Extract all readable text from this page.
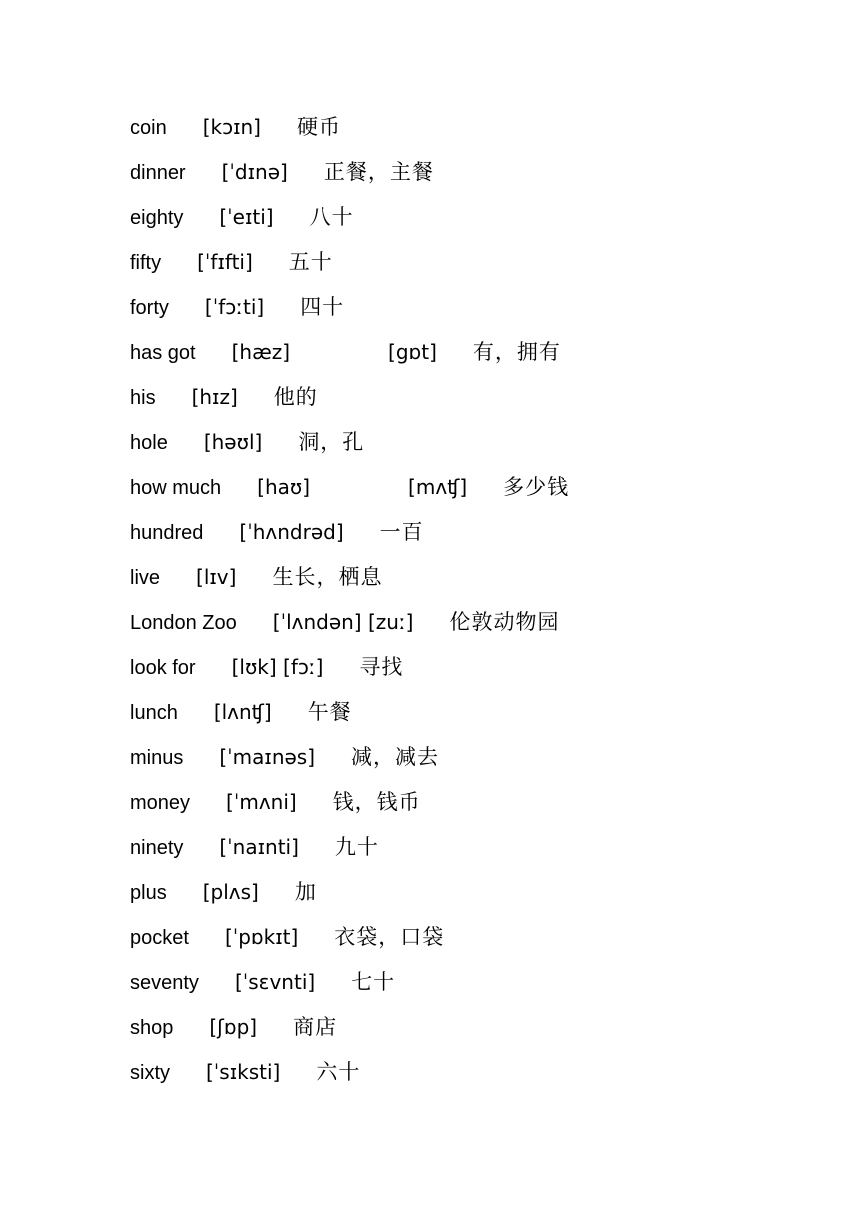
coin [kɔɪn] 硬币
dinner [ˈdɪnə] 正餐，主餐
eighty [ˈeɪti] 八十
fifty [ˈfɪfti] 五十
forty [ˈfɔːti] 四十
has got [hæz]	[gɒt] 有，拥有
his [hɪz] 他的
hole [həʊl] 洞，孔
how much [haʊ]	[mʌʧ] 多少钱
hundred [ˈhʌndrəd] 一百
live [lɪv] 生长，栖息
London Zoo [ˈlʌndən] [zuː] 伦敦动物园
look for [lʊk] [fɔː] 寻找
lunch [lʌnʧ] 午餐
minus [ˈmaɪnəs] 减，减去
money [ˈmʌni] 钱，钱币
ninety [ˈnaɪnti] 九十
plus [plʌs] 加
pocket [ˈpɒkɪt] 衣袋，口袋
seventy [ˈsɛvnti] 七十
shop [ʃɒp] 商店
sixty [ˈsɪksti] 六十
